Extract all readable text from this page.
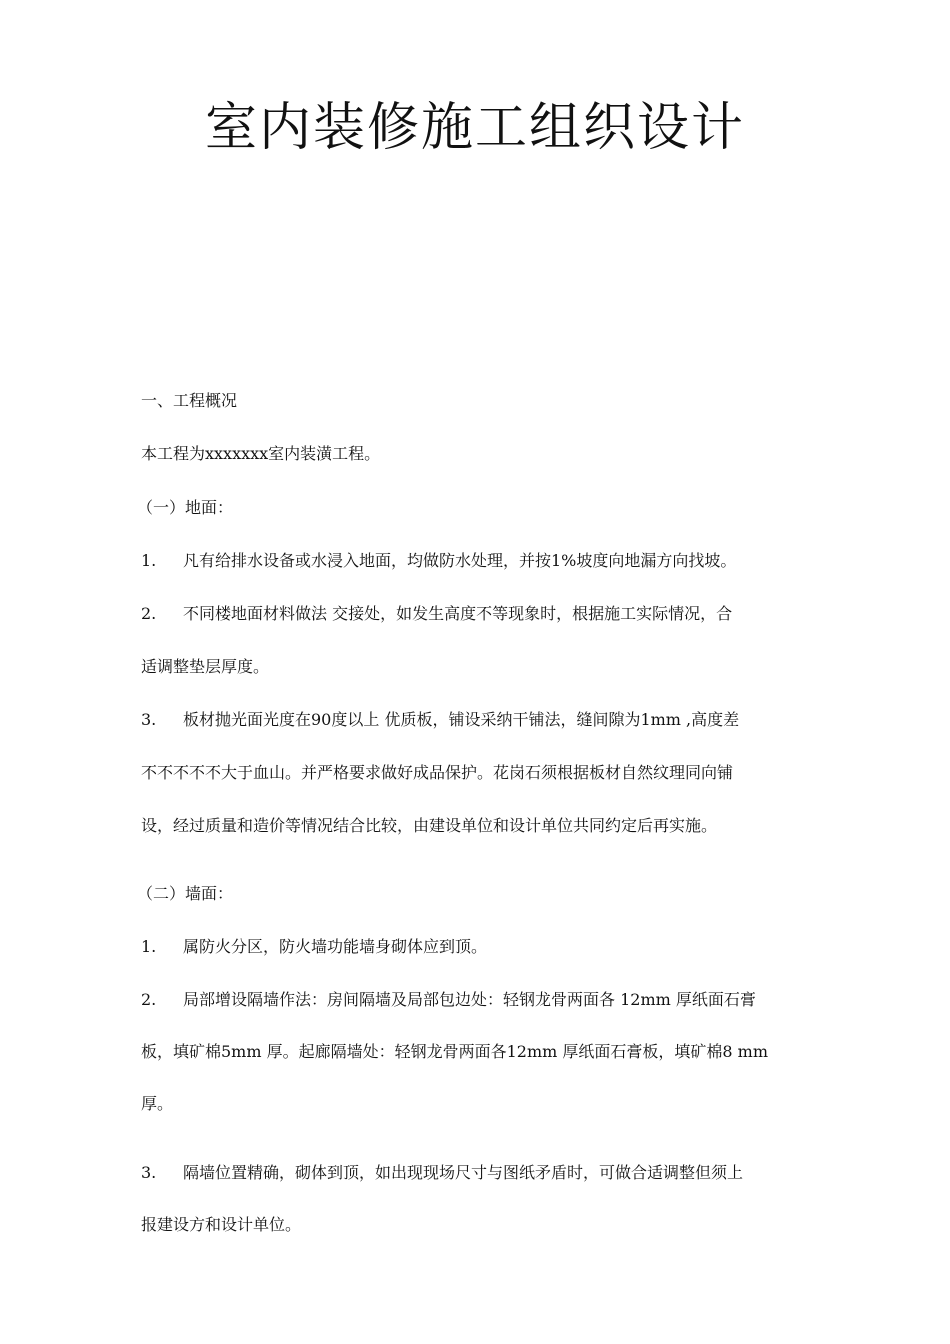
室内装修施工组织设计

一、工程概况

本工程为xxxxxxx室内装潢工程。

（一）地面：

1. 凡有给排水设备或水浸入地面，均做防水处理，并按1%坡度向地漏方向找坡。

2. 不同楼地面材料做法 交接处，如发生高度不等现象时，根据施工实际情况，合

适调整垫层厚度。

3. 板材抛光面光度在90度以上 优质板，铺设采纳干铺法，缝间隙为1mm ,高度差

不不不不不大于血山。并严格要求做好成品保护。花岗石须根据板材自然纹理同向铺

设，经过质量和造价等情况结合比较，由建设单位和设计单位共同约定后再实施。

（二）墙面：

1. 属防火分区，防火墙功能墙身砌体应到顶。

2. 局部增设隔墙作法：房间隔墙及局部包边处：轻钢龙骨两面各 12mm 厚纸面石膏

板，填矿棉5mm 厚。起廊隔墙处：轻钢龙骨两面各12mm 厚纸面石膏板，填矿棉8 mm

厚。

3. 隔墙位置精确，砌体到顶，如出现现场尺寸与图纸矛盾时，可做合适调整但须上

报建设方和设计单位。
